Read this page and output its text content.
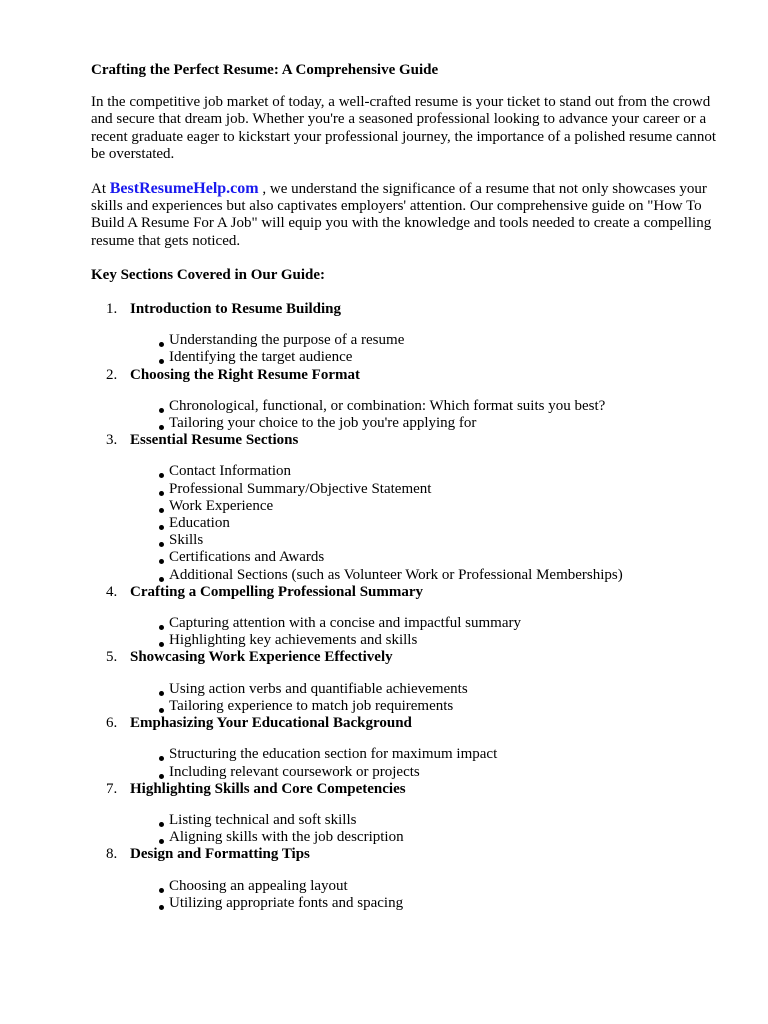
Crafting the Perfect Resume: A Comprehensive Guide

In the competitive job market of today, a well-crafted resume is your ticket to stand out from the crowd and secure that dream job. Whether you're a seasoned professional looking to advance your career or a recent graduate eager to kickstart your professional journey, the importance of a polished resume cannot be overstated.

At BestResumeHelp.com , we understand the significance of a resume that not only showcases your skills and experiences but also captivates employers' attention. Our comprehensive guide on "How To Build A Resume For A Job" will equip you with the knowledge and tools needed to create a compelling resume that gets noticed.

Key Sections Covered in Our Guide:
1. Introduction to Resume Building
Understanding the purpose of a resume
Identifying the target audience
2. Choosing the Right Resume Format
Chronological, functional, or combination: Which format suits you best?
Tailoring your choice to the job you're applying for
3. Essential Resume Sections
Contact Information
Professional Summary/Objective Statement
Work Experience
Education
Skills
Certifications and Awards
Additional Sections (such as Volunteer Work or Professional Memberships)
4. Crafting a Compelling Professional Summary
Capturing attention with a concise and impactful summary
Highlighting key achievements and skills
5. Showcasing Work Experience Effectively
Using action verbs and quantifiable achievements
Tailoring experience to match job requirements
6. Emphasizing Your Educational Background
Structuring the education section for maximum impact
Including relevant coursework or projects
7. Highlighting Skills and Core Competencies
Listing technical and soft skills
Aligning skills with the job description
8. Design and Formatting Tips
Choosing an appealing layout
Utilizing appropriate fonts and spacing
